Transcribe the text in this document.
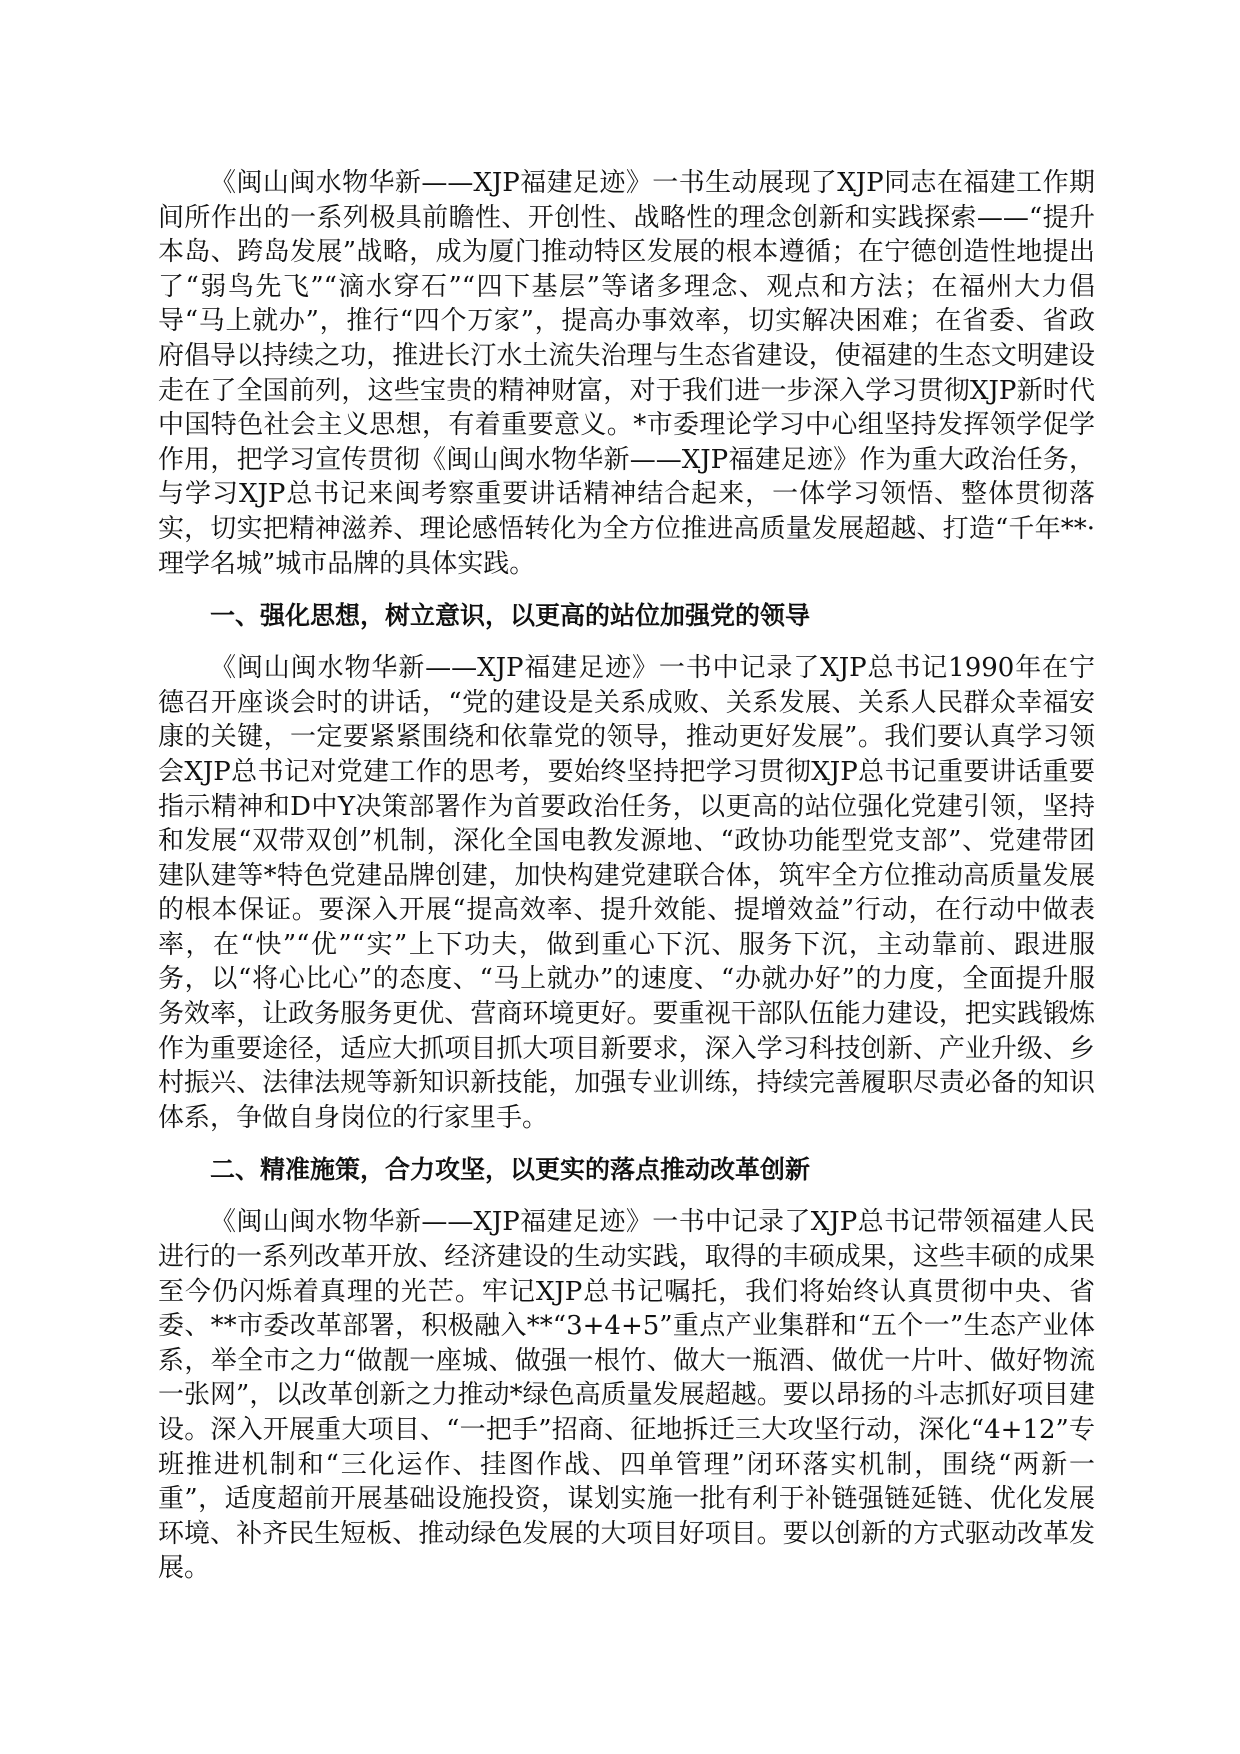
《闽山闽水物华新——XJP福建足迹》一书生动展现了XJP同志在福建工作期间所作出的一系列极具前瞻性、开创性、战略性的理念创新和实践探索——“提升本岛、跨岛发展”战略，成为厦门推动特区发展的根本遵循；在宁德创造性地提出了“弱鸟先飞”“滴水穿石”“四下基层”等诸多理念、观点和方法；在福州大力倡导“马上就办”，推行“四个万家”，提高办事效率，切实解决困难；在省委、省政府倡导以持续之功，推进长汀水土流失治理与生态省建设，使福建的生态文明建设走在了全国前列，这些宝贵的精神财富，对于我们进一步深入学习贯彻XJP新时代中国特色社会主义思想，有着重要意义。*市委理论学习中心组坚持发挥领学促学作用，把学习宣传贯彻《闽山闽水物华新——XJP福建足迹》作为重大政治任务，与学习XJP总书记来闽考察重要讲话精神结合起来，一体学习领悟、整体贯彻落实，切实把精神滋养、理论感悟转化为全方位推进高质量发展超越、打造“千年**·理学名城”城市品牌的具体实践。

一、强化思想，树立意识，以更高的站位加强党的领导

《闽山闽水物华新——XJP福建足迹》一书中记录了XJP总书记1990年在宁德召开座谈会时的讲话，“党的建设是关系成败、关系发展、关系人民群众幸福安康的关键，一定要紧紧围绕和依靠党的领导，推动更好发展”。我们要认真学习领会XJP总书记对党建工作的思考，要始终坚持把学习贯彻XJP总书记重要讲话重要指示精神和D中Y决策部署作为首要政治任务，以更高的站位强化党建引领，坚持和发展“双带双创”机制，深化全国电教发源地、“政协功能型党支部”、党建带团建队建等*特色党建品牌创建，加快构建党建联合体，筑牢全方位推动高质量发展的根本保证。要深入开展“提高效率、提升效能、提增效益”行动，在行动中做表率，在“快”“优”“实”上下功夫，做到重心下沉、服务下沉，主动靠前、跟进服务，以“将心比心”的态度、“马上就办”的速度、“办就办好”的力度，全面提升服务效率，让政务服务更优、营商环境更好。要重视干部队伍能力建设，把实践锻炼作为重要途径，适应大抓项目抓大项目新要求，深入学习科技创新、产业升级、乡村振兴、法律法规等新知识新技能，加强专业训练，持续完善履职尽责必备的知识体系，争做自身岗位的行家里手。

二、精准施策，合力攻坚，以更实的落点推动改革创新

《闽山闽水物华新——XJP福建足迹》一书中记录了XJP总书记带领福建人民进行的一系列改革开放、经济建设的生动实践，取得的丰硕成果，这些丰硕的成果至今仍闪烁着真理的光芒。牢记XJP总书记嘱托，我们将始终认真贯彻中央、省委、**市委改革部署，积极融入**“3+4+5”重点产业集群和“五个一”生态产业体系，举全市之力“做靓一座城、做强一根竹、做大一瓶酒、做优一片叶、做好物流一张网”，以改革创新之力推动*绿色高质量发展超越。要以昂扬的斗志抓好项目建设。深入开展重大项目、“一把手”招商、征地拆迁三大攻坚行动，深化“4+12”专班推进机制和“三化运作、挂图作战、四单管理”闭环落实机制，围绕“两新一重”，适度超前开展基础设施投资，谋划实施一批有利于补链强链延链、优化发展环境、补齐民生短板、推动绿色发展的大项目好项目。要以创新的方式驱动改革发展。
